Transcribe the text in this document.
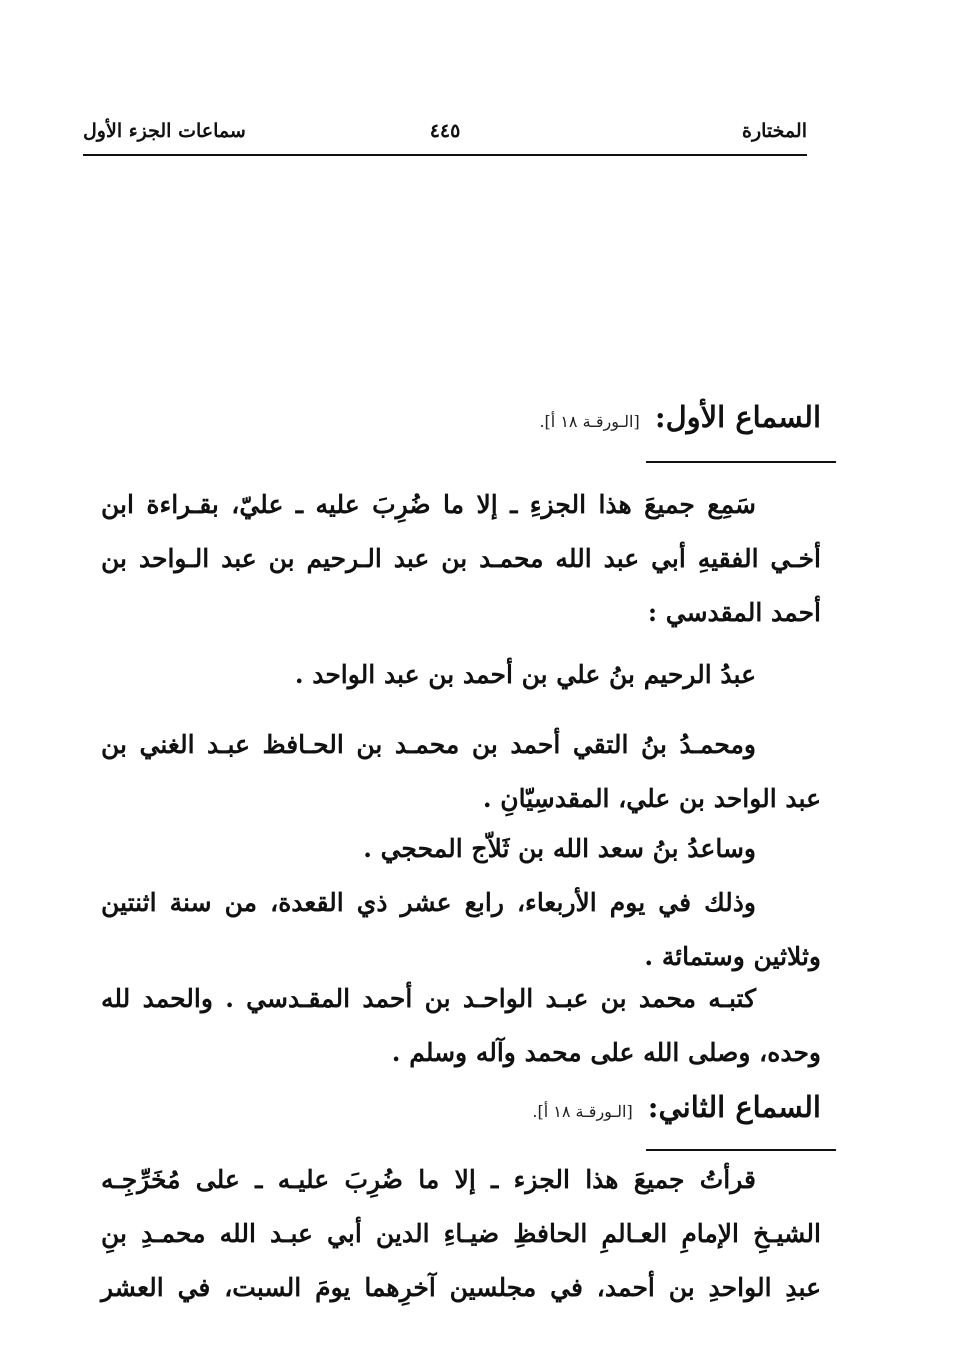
المختارة
٤٤٥
سماعات الجزء الأول
السماع الأول: [الـورقـة ١٨ أ].
سَمِع جميعَ هذا الجزءِ ـ إلا ما ضُرِبَ عليه ـ عليّ، بقـراءة ابن
أخـي الفقيهِ أبي عبد الله محمـد بن عبد الـرحيم بن عبد الـواحد بن
أحمد المقدسي :
عبدُ الرحيم بنُ علي بن أحمد بن عبد الواحد .
ومحمـدُ بنُ التقي أحمد بن محمـد بن الحـافظ عبـد الغني بن
عبد الواحد بن علي، المقدسِيّانِ .
وساعدُ بنُ سعد الله بن ثَلاّج المحجي .
وذلك في يوم الأربعاء، رابع عشر ذي القعدة، من سنة اثنتين
وثلاثين وستمائة .
كتبـه محمد بن عبـد الواحـد بن أحمد المقـدسي . والحمد لله
وحده، وصلى الله على محمد وآله وسلم .
السماع الثاني: [الـورقـة ١٨ أ].
قرأتُ جميعَ هذا الجزء ـ إلا ما ضُرِبَ عليـه ـ على مُخَرِّجِـه
الشيـخِ الإمامِ العـالمِ الحافظِ ضيـاءِ الدين أبي عبـد الله محمـدِ بنِ
عبدِ الواحدِ بن أحمد، في مجلسين آخرِهما يومَ السبت، في العشر
